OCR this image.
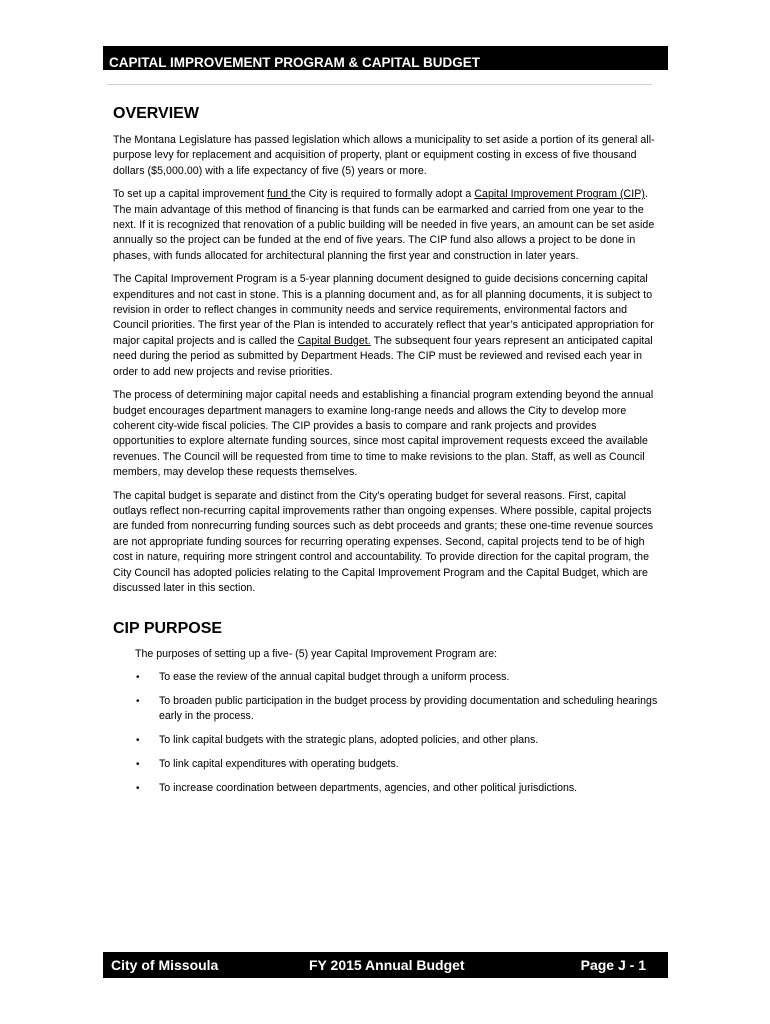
CAPITAL IMPROVEMENT PROGRAM & CAPITAL BUDGET
OVERVIEW

The Montana Legislature has passed legislation which allows a municipality to set aside a portion of its general all-purpose levy for replacement and acquisition of property, plant or equipment costing in excess of five thousand dollars ($5,000.00) with a life expectancy of five (5) years or more.

To set up a capital improvement fund the City is required to formally adopt a Capital Improvement Program (CIP). The main advantage of this method of financing is that funds can be earmarked and carried from one year to the next. If it is recognized that renovation of a public building will be needed in five years, an amount can be set aside annually so the project can be funded at the end of five years. The CIP fund also allows a project to be done in phases, with funds allocated for architectural planning the first year and construction in later years.

The Capital Improvement Program is a 5-year planning document designed to guide decisions concerning capital expenditures and not cast in stone. This is a planning document and, as for all planning documents, it is subject to revision in order to reflect changes in community needs and service requirements, environmental factors and Council priorities. The first year of the Plan is intended to accurately reflect that year’s anticipated appropriation for major capital projects and is called the Capital Budget. The subsequent four years represent an anticipated capital need during the period as submitted by Department Heads. The CIP must be reviewed and revised each year in order to add new projects and revise priorities.

The process of determining major capital needs and establishing a financial program extending beyond the annual budget encourages department managers to examine long-range needs and allows the City to develop more coherent city-wide fiscal policies. The CIP provides a basis to compare and rank projects and provides opportunities to explore alternate funding sources, since most capital improvement requests exceed the available revenues. The Council will be requested from time to time to make revisions to the plan. Staff, as well as Council members, may develop these requests themselves.

The capital budget is separate and distinct from the City’s operating budget for several reasons. First, capital outlays reflect non-recurring capital improvements rather than ongoing expenses. Where possible, capital projects are funded from nonrecurring funding sources such as debt proceeds and grants; these one-time revenue sources are not appropriate funding sources for recurring operating expenses. Second, capital projects tend to be of high cost in nature, requiring more stringent control and accountability. To provide direction for the capital program, the City Council has adopted policies relating to the Capital Improvement Program and the Capital Budget, which are discussed later in this section.

CIP PURPOSE

The purposes of setting up a five- (5) year Capital Improvement Program are:

• To ease the review of the annual capital budget through a uniform process.
• To broaden public participation in the budget process by providing documentation and scheduling hearings early in the process.
• To link capital budgets with the strategic plans, adopted policies, and other plans.
• To link capital expenditures with operating budgets.
• To increase coordination between departments, agencies, and other political jurisdictions.
City of Missoula	FY 2015 Annual Budget	Page J - 1
